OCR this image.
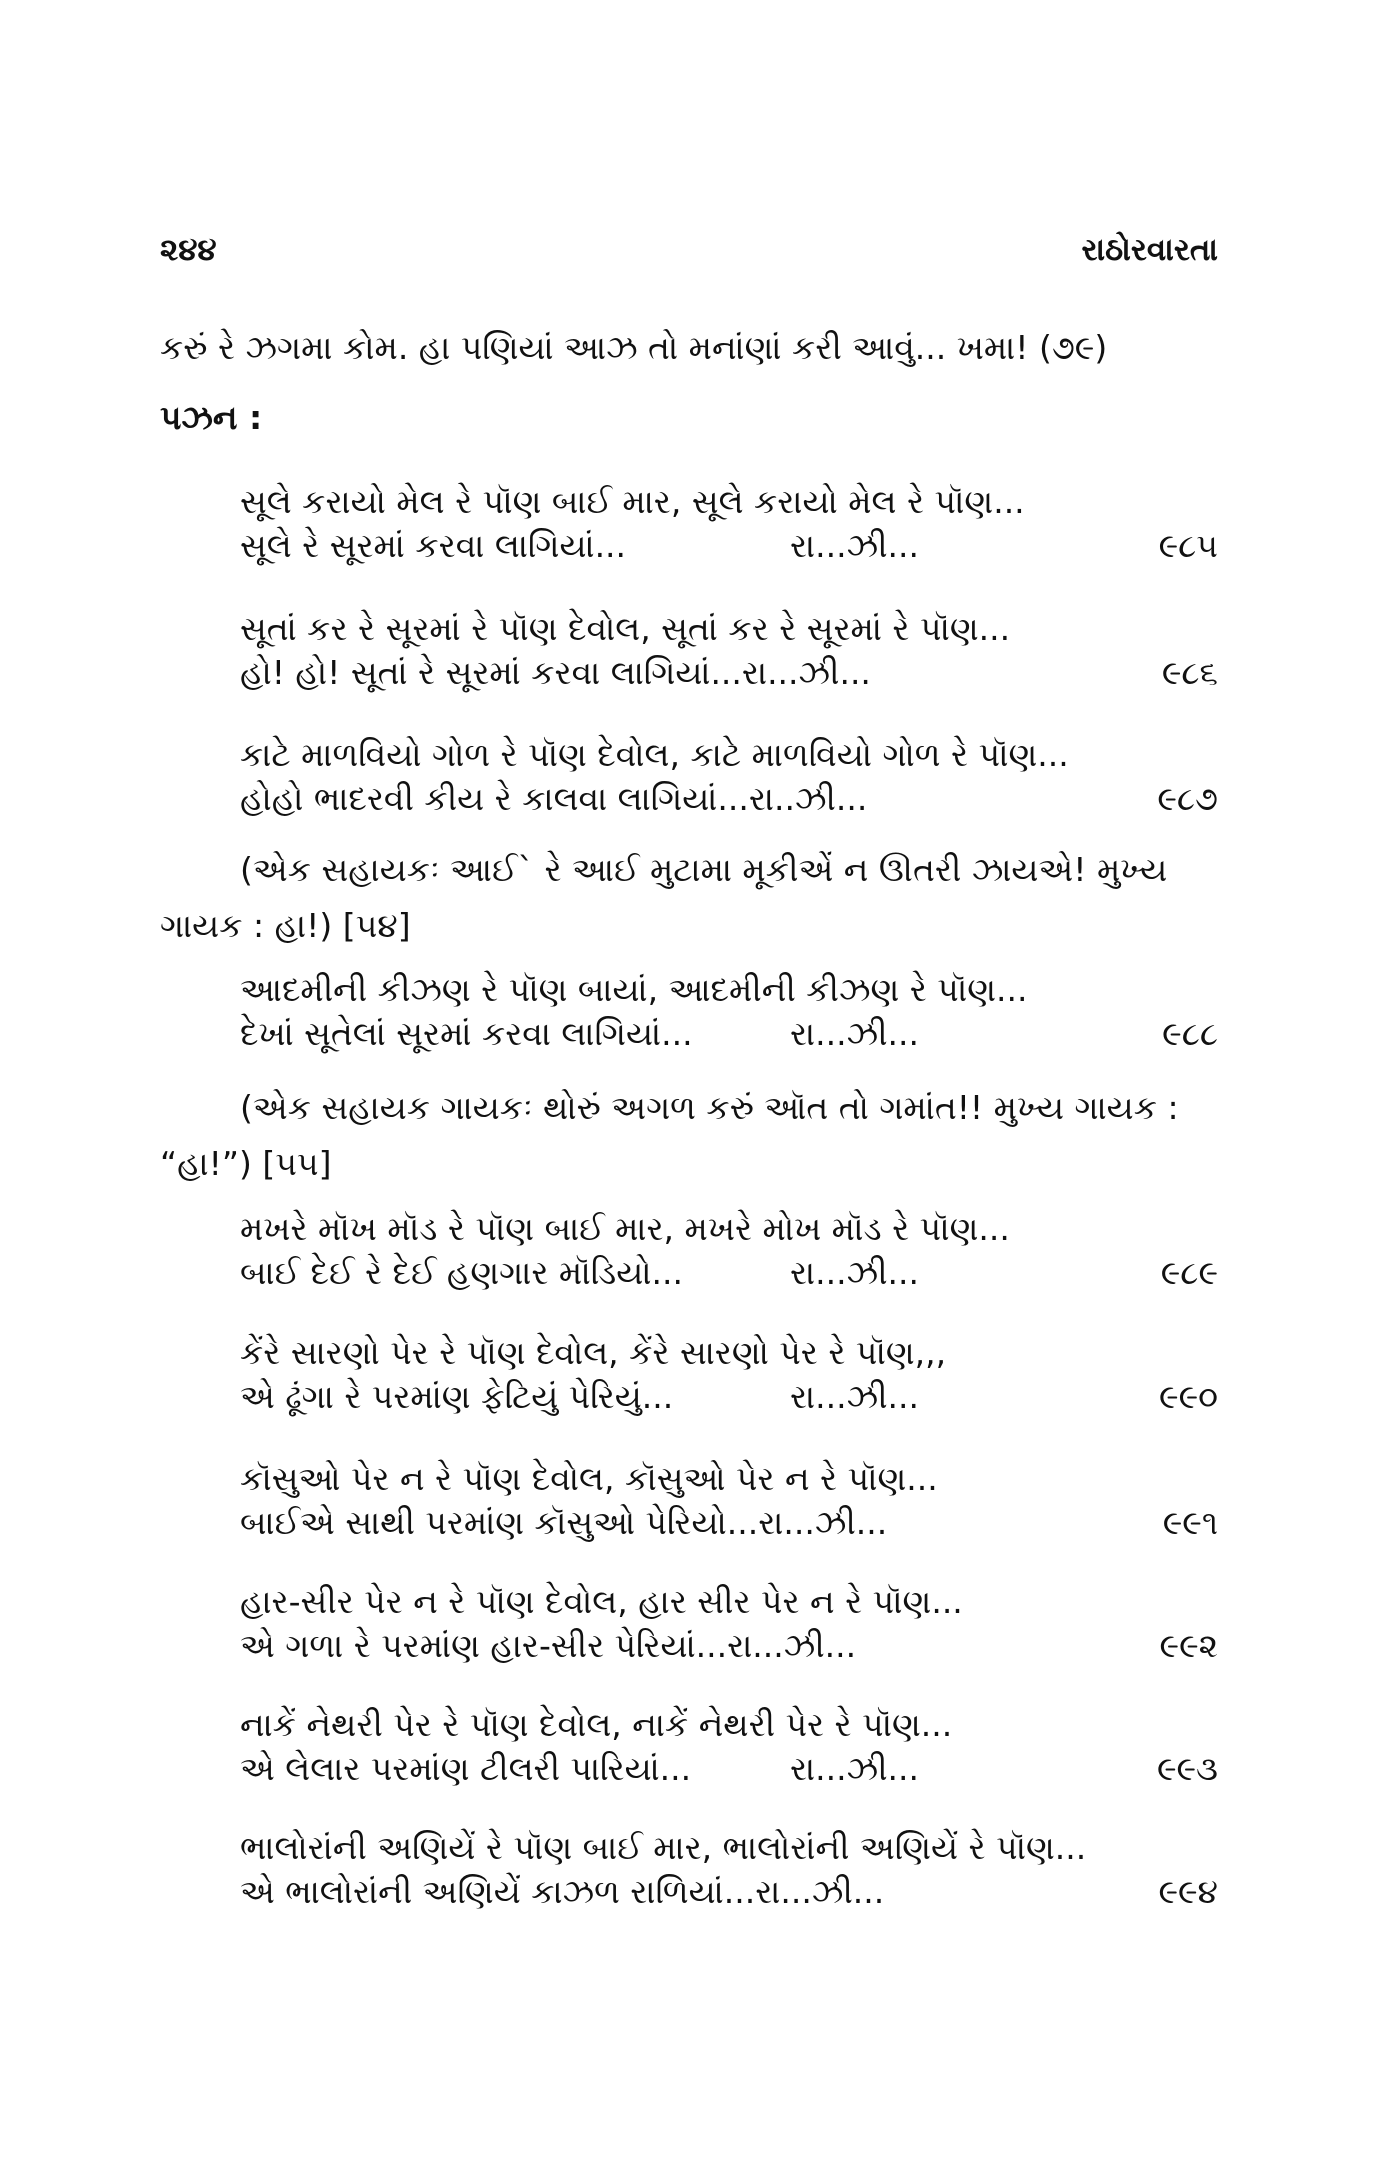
૨૪૪	રાઠોરવારતા
કરું રે ઝગમા કોમ. હા પણિયાં આઝ તો મનાંણાં કરી આવું... ખમા! (૭૯)
પઝન :
સૂલે કરાયો મેલ રે પૉણ બાઈ માર, સૂલે કરાયો મેલ રે પૉણ...
સૂલે રે સૂરમાં કરવા લાગિયાં...	રા...ઝી...	૯૮૫
સૂતાં કર રે સૂરમાં રે પૉણ દેવોલ, સૂતાં કર રે સૂરમાં રે પૉણ...
હો! હો! સૂતાં રે સૂરમાં કરવા લાગિયાં...રા...ઝી...	૯૮૬
કાટે માળવિયો ગોળ રે પૉણ દેવોલ, કાટે માળવિયો ગોળ રે પૉણ...
હોહો ભાદરવી કીય રે કાલવા લાગિયાં...રા..ઝી...	૯૮૭
(એક સહાયકઃ આઈ` રે આઈ મુટામા મૂકીએં ન ઊતરી ઝાયએ! મુખ્ય
ગાયક : હા!) [૫૪]
આદમીની કીઝણ રે પૉણ બાયાં, આદમીની કીઝણ રે પૉણ...
દેખાં સૂતેલાં સૂરમાં કરવા લાગિયાં...	રા...ઝી...	૯૮૮
(એક સહાયક ગાયકઃ થોરું અગળ કરું ઑત તો ગમાંત!! મુખ્ય ગાયક :
“હા!”) [૫૫]
મખરે મૉખ મૉડ રે પૉણ બાઈ માર, મખરે મોખ મૉડ રે પૉણ...
બાઈ દેઈ રે દેઈ હણગાર મૉડિયો...	રા...ઝી...	૯૮૯
કેંરે સારણો પેર રે પૉણ દેવોલ, કેંરે સારણો પેર રે પૉણ,,,
એ ઢૂંગા રે પરમાંણ ફેટિયું પેરિયું...	રા...ઝી...	૯૯૦
કૉસુઓ પેર ન રે પૉણ દેવોલ, કૉસુઓ પેર ન રે પૉણ...
બાઈએ સાથી પરમાંણ કૉસુઓ પેરિયો...રા...ઝી...	૯૯૧
હાર-સીર પેર ન રે પૉણ દેવોલ, હાર સીર પેર ન રે પૉણ...
એ ગળા રે પરમાંણ હાર-સીર પેરિયાં...રા...ઝી...	૯૯૨
નાકેં નેથરી પેર રે પૉણ દેવોલ, નાકેં નેથરી પેર રે પૉણ...
એ લેલાર પરમાંણ ટીલરી પારિયાં...	રા...ઝી...	૯૯૩
ભાલોરાંની અણિયેં રે પૉણ બાઈ માર, ભાલોરાંની અણિયેં રે પૉણ...
એ ભાલોરાંની અણિયેં કાઝળ રાળિયાં...રા...ઝી...	૯૯૪
